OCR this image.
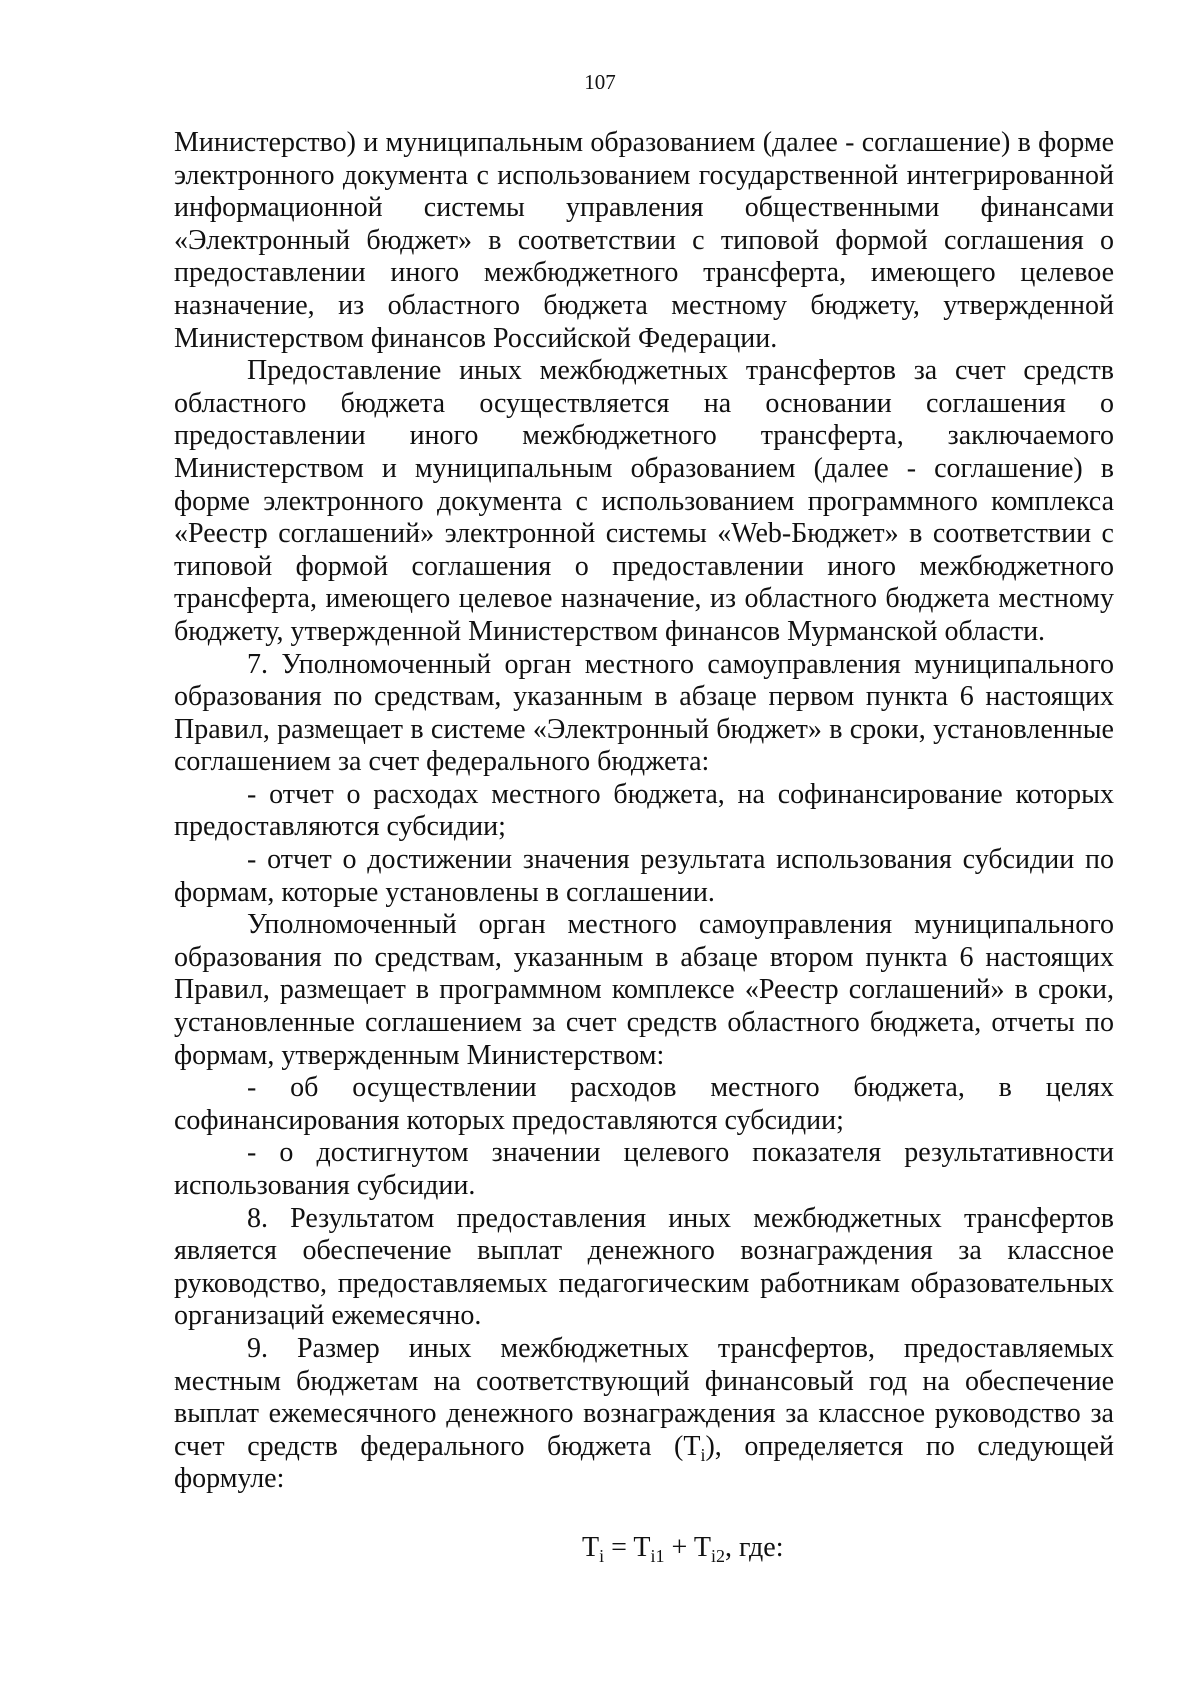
107

Министерство) и муниципальным образованием (далее - соглашение) в форме электронного документа с использованием государственной интегрированной информационной системы управления общественными финансами «Электронный бюджет» в соответствии с типовой формой соглашения о предоставлении иного межбюджетного трансферта, имеющего целевое назначение, из областного бюджета местному бюджету, утвержденной Министерством финансов Российской Федерации.

Предоставление иных межбюджетных трансфертов за счет средств областного бюджета осуществляется на основании соглашения о предоставлении иного межбюджетного трансферта, заключаемого Министерством и муниципальным образованием (далее - соглашение) в форме электронного документа с использованием программного комплекса «Реестр соглашений» электронной системы «Web-Бюджет» в соответствии с типовой формой соглашения о предоставлении иного межбюджетного трансферта, имеющего целевое назначение, из областного бюджета местному бюджету, утвержденной Министерством финансов Мурманской области.

7. Уполномоченный орган местного самоуправления муниципального образования по средствам, указанным в абзаце первом пункта 6 настоящих Правил, размещает в системе «Электронный бюджет» в сроки, установленные соглашением за счет федерального бюджета:

- отчет о расходах местного бюджета, на софинансирование которых предоставляются субсидии;

- отчет о достижении значения результата использования субсидии по формам, которые установлены в соглашении.

Уполномоченный орган местного самоуправления муниципального образования по средствам, указанным в абзаце втором пункта 6 настоящих Правил, размещает в программном комплексе «Реестр соглашений» в сроки, установленные соглашением за счет средств областного бюджета, отчеты по формам, утвержденным Министерством:

- об осуществлении расходов местного бюджета, в целях софинансирования которых предоставляются субсидии;

- о достигнутом значении целевого показателя результативности использования субсидии.

8. Результатом предоставления иных межбюджетных трансфертов является обеспечение выплат денежного вознаграждения за классное руководство, предоставляемых педагогическим работникам образовательных организаций ежемесячно.

9. Размер иных межбюджетных трансфертов, предоставляемых местным бюджетам на соответствующий финансовый год на обеспечение выплат ежемесячного денежного вознаграждения за классное руководство за счет средств федерального бюджета $(T_i)$, определяется по следующей формуле:

$T_i = T_{i1} + T_{i2}$, где:
